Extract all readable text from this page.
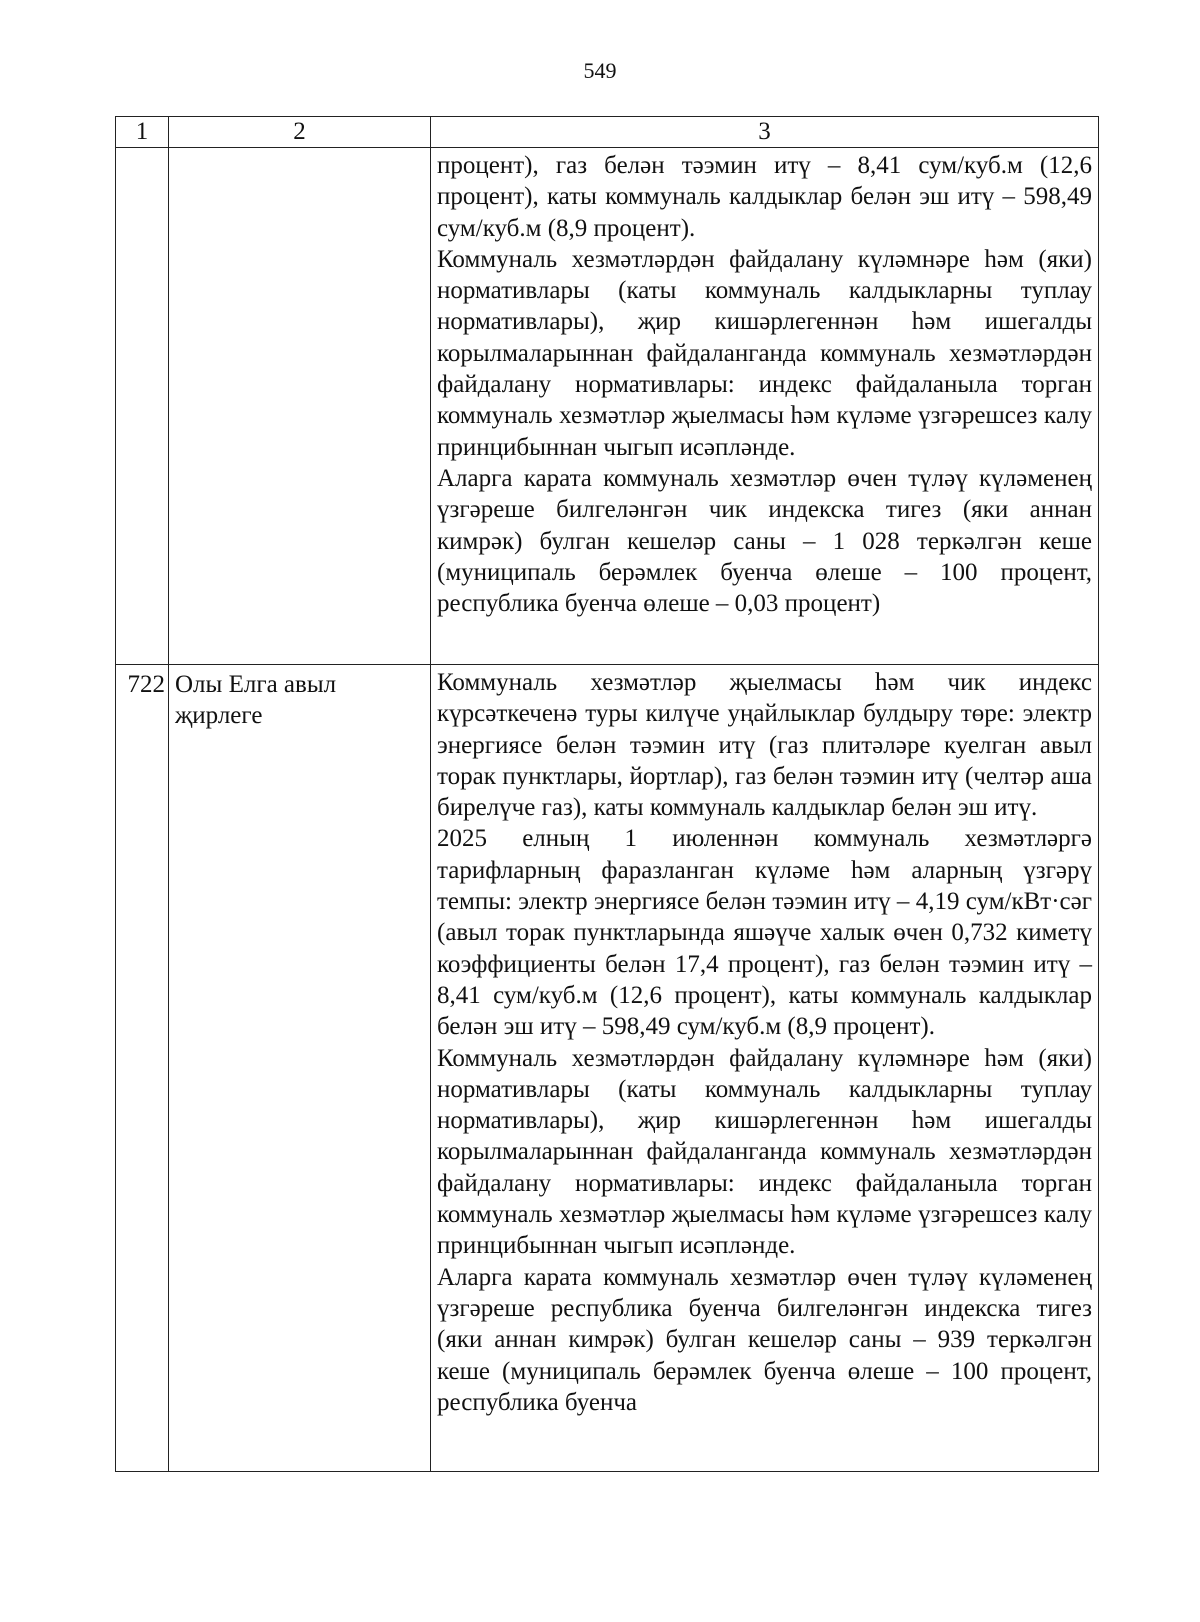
549
1	2	3

		процент), газ белән тәэмин итү – 8,41 сум/куб.м (12,6 процент), каты коммуналь калдыклар белән эш итү – 598,49 сум/куб.м (8,9 процент).

Коммуналь хезмәтләрдән файдалану күләмнәре һәм (яки) нормативлары (каты коммуналь калдыкларны туплау нормативлары), җир кишәрлегеннән һәм ишегалды корылмаларыннан файдаланганда коммуналь хезмәтләрдән файдалану нормативлары: индекс файдаланыла торган коммуналь хезмәтләр җыелмасы һәм күләме үзгәрешсез калу принцибыннан чыгып исәпләнде.

Аларга карата коммуналь хезмәтләр өчен түләү күләменең үзгәреше билгеләнгән чик индекска тигез (яки аннан кимрәк) булган кешеләр саны – 1 028 теркәлгән кеше (муниципаль берәмлек буенча өлеше – 100 процент, республика буенча өлеше – 0,03 процент)

722	Олы Елга авыл җирлеге	Коммуналь хезмәтләр җыелмасы һәм чик индекс күрсәткеченә туры килүче уңайлыклар булдыру төре: электр энергиясе белән тәэмин итү (газ плитәләре куелган авыл торак пунктлары, йортлар), газ белән тәэмин итү (челтәр аша бирелүче газ), каты коммуналь калдыклар белән эш итү.

2025 елның 1 июленнән коммуналь хезмәтләргә тарифларның фаразланган күләме һәм аларның үзгәрү темпы: электр энергиясе белән тәэмин итү – 4,19 сум/кВт·сәг (авыл торак пунктларында яшәүче халык өчен 0,732 киметү коэффициенты белән 17,4 процент), газ белән тәэмин итү – 8,41 сум/куб.м (12,6 процент), каты коммуналь калдыклар белән эш итү – 598,49 сум/куб.м (8,9 процент).

Коммуналь хезмәтләрдән файдалану күләмнәре һәм (яки) нормативлары (каты коммуналь калдыкларны туплау нормативлары), җир кишәрлегеннән һәм ишегалды корылмаларыннан файдаланганда коммуналь хезмәтләрдән файдалану нормативлары: индекс файдаланыла торган коммуналь хезмәтләр җыелмасы һәм күләме үзгәрешсез калу принцибыннан чыгып исәпләнде.

Аларга карата коммуналь хезмәтләр өчен түләү күләменең үзгәреше республика буенча билгеләнгән индекска тигез (яки аннан кимрәк) булган кешеләр саны – 939 теркәлгән кеше (муниципаль берәмлек буенча өлеше – 100 процент, республика буенча
